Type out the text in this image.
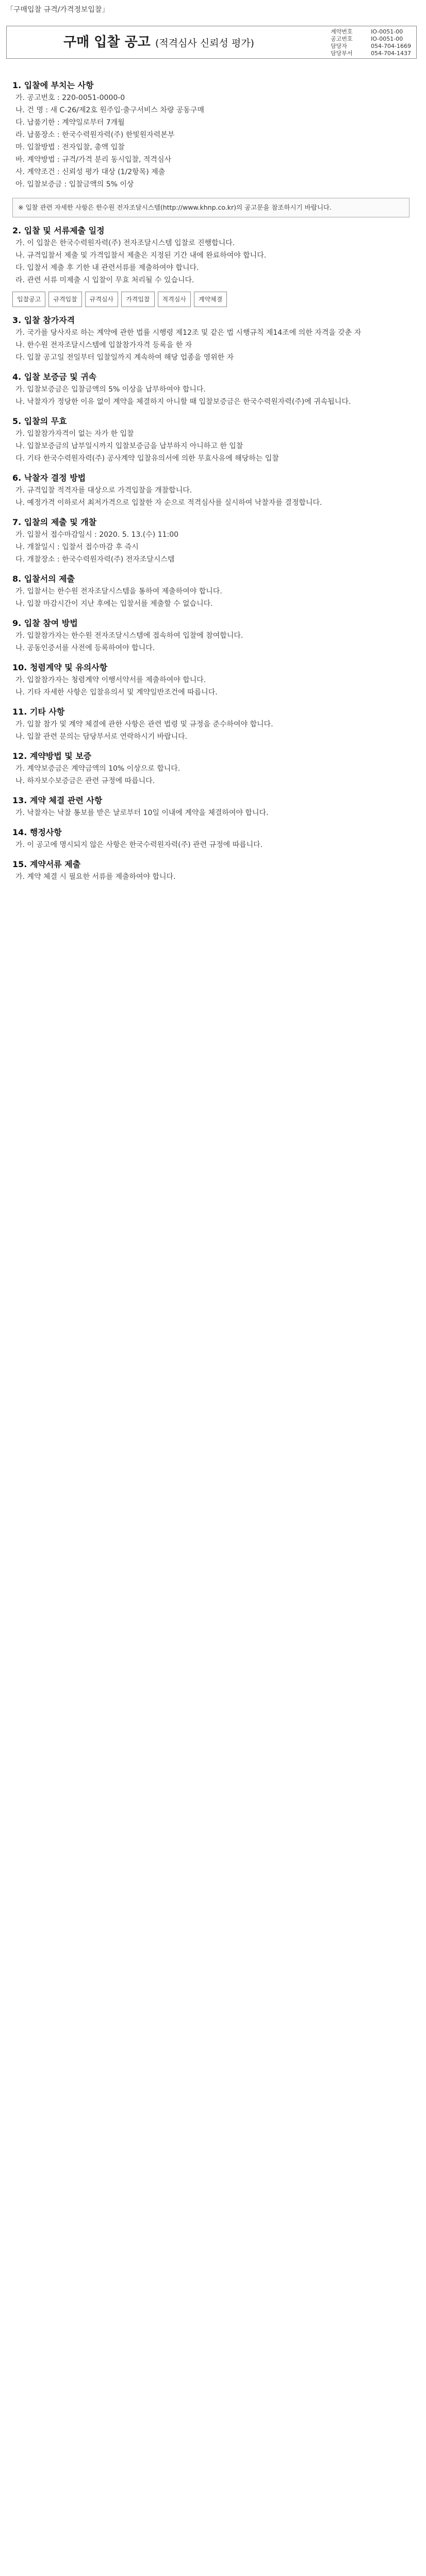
「구매입찰 규격/가격정보입찰」
구매 입찰 공고 (적격심사 신뢰성 평가)
계약번호	IO-0051-00
공고번호	IO-0051-00
담당자	054-704-1669
담당부서	054-704-1437
1. 입찰에 부치는 사항
가. 공고번호 : 220-0051-0000-0
나. 건 명 : 새 C-26/제2호 원주입·출구서비스 차량 공동구매
다. 납품기한 : 계약일로부터 7개월
라. 납품장소 : 한국수력원자력(주) 한빛원자력본부
마. 입찰방법 : 전자입찰, 총액 입찰
바. 계약방법 : 규격/가격 분리 동시입찰, 적격심사
사. 계약조건 : 신뢰성 평가 대상 (1/2항목) 제출
아. 입찰보증금 : 입찰금액의 5% 이상
※ 입찰 관련 자세한 사항은 한수원 전자조달시스템(http://www.khnp.co.kr)의 공고문을 참조하시기 바랍니다.
2. 입찰 및 서류제출 일정
가. 이 입찰은 한국수력원자력(주) 전자조달시스템 입찰로 진행합니다.
나. 규격입찰서 제출 및 가격입찰서 제출은 지정된 기간 내에 완료하여야 합니다.
다. 입찰서 제출 후 기한 내 관련서류를 제출하여야 합니다.
라. 관련 서류 미제출 시 입찰이 무효 처리될 수 있습니다.
입찰공고	규격입찰	규격심사	가격입찰	적격심사	계약체결
3. 입찰 참가자격
가. 국가를 당사자로 하는 계약에 관한 법률 시행령 제12조 및 같은 법 시행규칙 제14조에 의한 자격을 갖춘 자
나. 한수원 전자조달시스템에 입찰참가자격 등록을 한 자
다. 입찰 공고일 전일부터 입찰일까지 계속하여 해당 업종을 영위한 자
4. 입찰 보증금 및 귀속
가. 입찰보증금은 입찰금액의 5% 이상을 납부하여야 합니다.
나. 낙찰자가 정당한 이유 없이 계약을 체결하지 아니할 때 입찰보증금은 한국수력원자력(주)에 귀속됩니다.
5. 입찰의 무효
가. 입찰참가자격이 없는 자가 한 입찰
나. 입찰보증금의 납부일시까지 입찰보증금을 납부하지 아니하고 한 입찰
다. 기타 한국수력원자력(주) 공사계약 입찰유의서에 의한 무효사유에 해당하는 입찰
6. 낙찰자 결정 방법
가. 규격입찰 적격자를 대상으로 가격입찰을 개찰합니다.
나. 예정가격 이하로서 최저가격으로 입찰한 자 순으로 적격심사를 실시하여 낙찰자를 결정합니다.
7. 입찰의 제출 및 개찰
가. 입찰서 접수마감일시 : 2020. 5. 13.(수) 11:00
나. 개찰일시 : 입찰서 접수마감 후 즉시
다. 개찰장소 : 한국수력원자력(주) 전자조달시스템
8. 입찰서의 제출
가. 입찰서는 한수원 전자조달시스템을 통하여 제출하여야 합니다.
나. 입찰 마감시간이 지난 후에는 입찰서를 제출할 수 없습니다.
9. 입찰 참여 방법
가. 입찰참가자는 한수원 전자조달시스템에 접속하여 입찰에 참여합니다.
나. 공동인증서를 사전에 등록하여야 합니다.
10. 청렴계약 및 유의사항
가. 입찰참가자는 청렴계약 이행서약서를 제출하여야 합니다.
나. 기타 자세한 사항은 입찰유의서 및 계약일반조건에 따릅니다.
11. 기타 사항
가. 입찰 참가 및 계약 체결에 관한 사항은 관련 법령 및 규정을 준수하여야 합니다.
나. 입찰 관련 문의는 담당부서로 연락하시기 바랍니다.
12. 계약방법 및 보증
가. 계약보증금은 계약금액의 10% 이상으로 합니다.
나. 하자보수보증금은 관련 규정에 따릅니다.
13. 계약 체결 관련 사항
가. 낙찰자는 낙찰 통보를 받은 날로부터 10일 이내에 계약을 체결하여야 합니다.
14. 행정사항
가. 이 공고에 명시되지 않은 사항은 한국수력원자력(주) 관련 규정에 따릅니다.
15. 계약서류 제출
가. 계약 체결 시 필요한 서류를 제출하여야 합니다.
